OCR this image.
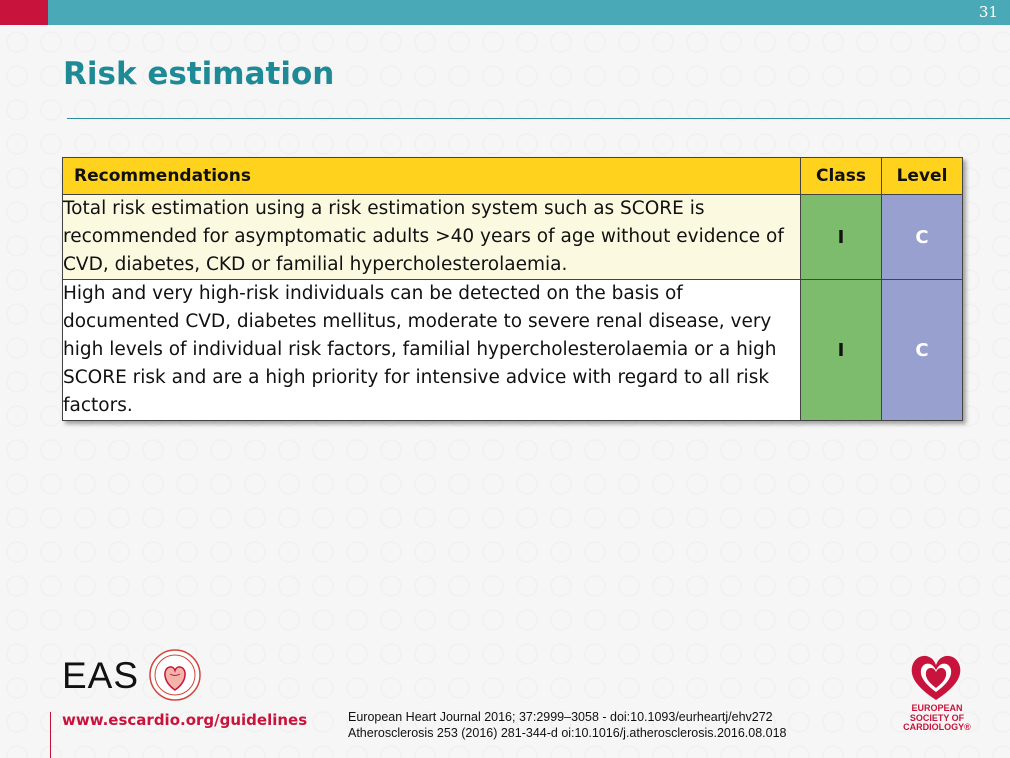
31
Risk estimation
Recommendations	Class	Level
Total risk estimation using a risk estimation system such as SCORE is recommended for asymptomatic adults >40 years of age without evidence of CVD, diabetes, CKD or familial hypercholesterolaemia.	I	C
High and very high-risk individuals can be detected on the basis of documented CVD, diabetes mellitus, moderate to severe renal disease, very high levels of individual risk factors, familial hypercholesterolaemia or a high SCORE risk and are a high priority for intensive advice with regard to all risk factors.	I	C
EAS
www.escardio.org/guidelines	European Heart Journal 2016; 37:2999–3058 - doi:10.1093/eurheartj/ehv272
Atherosclerosis 253 (2016) 281-344-d oi:10.1016/j.atherosclerosis.2016.08.018
EUROPEAN
SOCIETY OF
CARDIOLOGY®
